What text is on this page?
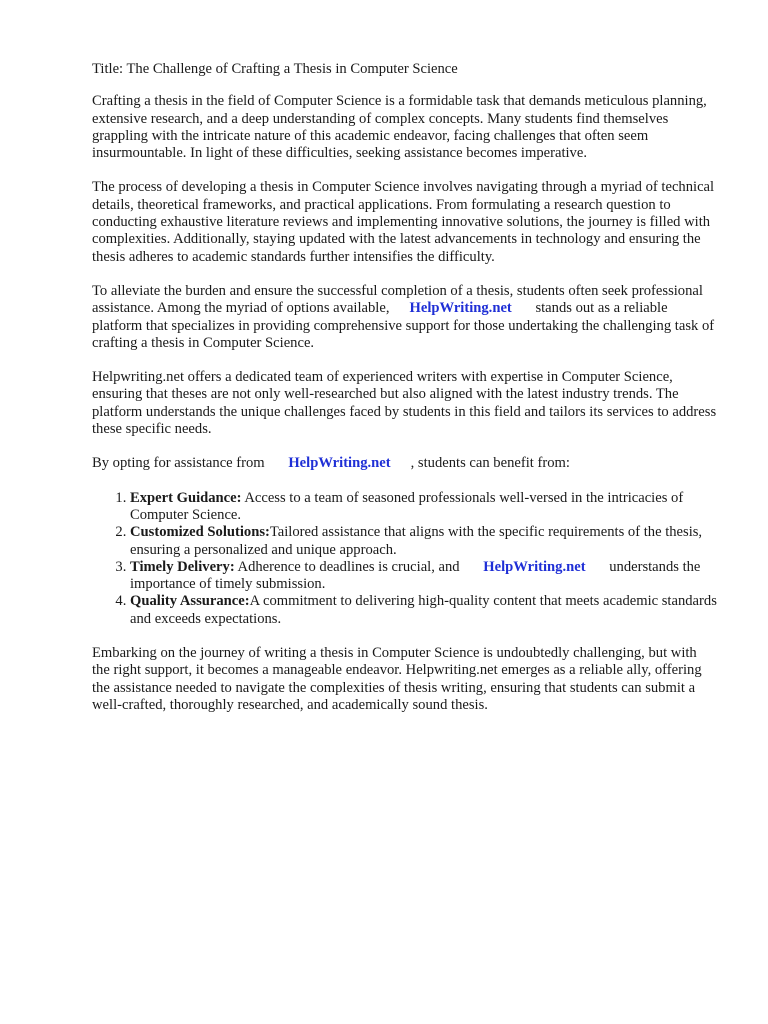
Title: The Challenge of Crafting a Thesis in Computer Science

Crafting a thesis in the field of Computer Science is a formidable task that demands meticulous planning, extensive research, and a deep understanding of complex concepts. Many students find themselves grappling with the intricate nature of this academic endeavor, facing challenges that often seem insurmountable. In light of these difficulties, seeking assistance becomes imperative.

The process of developing a thesis in Computer Science involves navigating through a myriad of technical details, theoretical frameworks, and practical applications. From formulating a research question to conducting exhaustive literature reviews and implementing innovative solutions, the journey is filled with complexities. Additionally, staying updated with the latest advancements in technology and ensuring the thesis adheres to academic standards further intensifies the difficulty.

To alleviate the burden and ensure the successful completion of a thesis, students often seek professional assistance. Among the myriad of options available, HelpWriting.net stands out as a reliable platform that specializes in providing comprehensive support for those undertaking the challenging task of crafting a thesis in Computer Science.

Helpwriting.net offers a dedicated team of experienced writers with expertise in Computer Science, ensuring that theses are not only well-researched but also aligned with the latest industry trends. The platform understands the unique challenges faced by students in this field and tailors its services to address these specific needs.

By opting for assistance from HelpWriting.net , students can benefit from:

1. Expert Guidance: Access to a team of seasoned professionals well-versed in the intricacies of Computer Science.
2. Customized Solutions:Tailored assistance that aligns with the specific requirements of the thesis, ensuring a personalized and unique approach.
3. Timely Delivery: Adherence to deadlines is crucial, and HelpWriting.net understands the importance of timely submission.
4. Quality Assurance:A commitment to delivering high-quality content that meets academic standards and exceeds expectations.

Embarking on the journey of writing a thesis in Computer Science is undoubtedly challenging, but with the right support, it becomes a manageable endeavor. Helpwriting.net emerges as a reliable ally, offering the assistance needed to navigate the complexities of thesis writing, ensuring that students can submit a well-crafted, thoroughly researched, and academically sound thesis.
